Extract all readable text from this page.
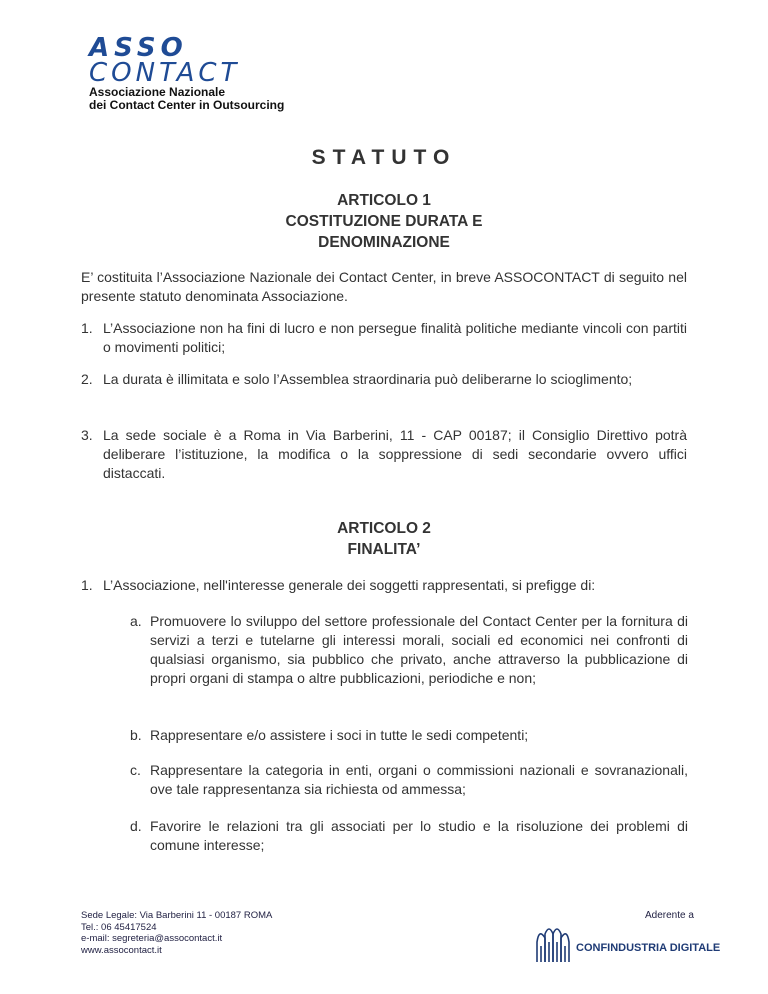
ASSO
CONTACT
Associazione Nazionale
dei Contact Center in Outsourcing
STATUTO
ARTICOLO 1
COSTITUZIONE DURATA E
DENOMINAZIONE
E’ costituita l’Associazione Nazionale dei Contact Center, in breve ASSOCONTACT di seguito nel presente statuto denominata Associazione.
1. L’Associazione non ha fini di lucro e non persegue finalità politiche mediante vincoli con partiti o movimenti politici;
2. La durata è illimitata e solo l’Assemblea straordinaria può deliberarne lo scioglimento;
3. La sede sociale è a Roma in Via Barberini, 11 - CAP 00187; il Consiglio Direttivo potrà deliberare l’istituzione, la modifica o la soppressione di sedi secondarie ovvero uffici distaccati.
ARTICOLO 2
FINALITA’
1. L’Associazione, nell'interesse generale dei soggetti rappresentati, si prefigge di:
a. Promuovere lo sviluppo del settore professionale del Contact Center per la fornitura di servizi a terzi e tutelarne gli interessi morali, sociali ed economici nei confronti di qualsiasi organismo, sia pubblico che privato, anche attraverso la pubblicazione di propri organi di stampa o altre pubblicazioni, periodiche e non;
b. Rappresentare e/o assistere i soci in tutte le sedi competenti;
c. Rappresentare la categoria in enti, organi o commissioni nazionali e sovranazionali, ove tale rappresentanza sia richiesta od ammessa;
d. Favorire le relazioni tra gli associati per lo studio e la risoluzione dei problemi di comune interesse;
Sede Legale: Via Barberini 11 - 00187 ROMA
Tel.: 06 45417524
e-mail: segreteria@assocontact.it
www.assocontact.it
Aderente a
CONFINDUSTRIA DIGITALE
